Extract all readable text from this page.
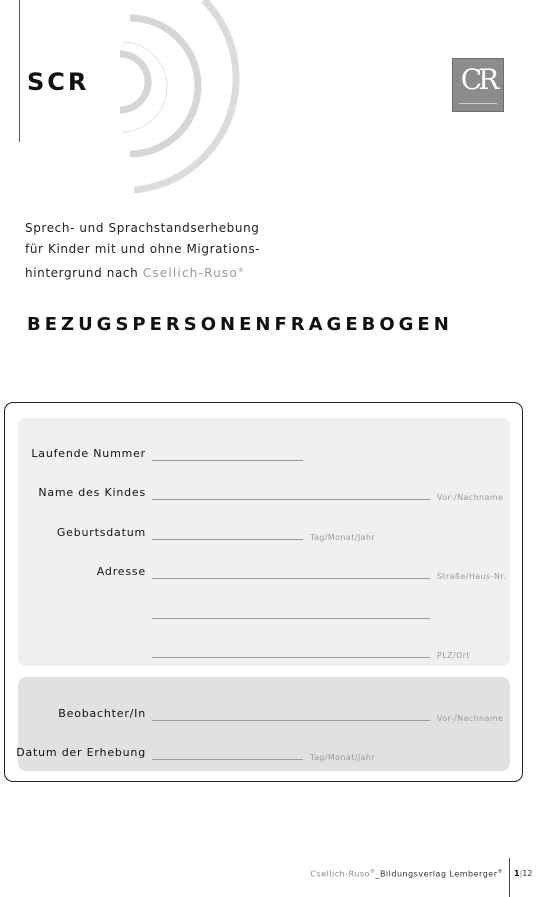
SCR	CR
Sprech- und Sprachstandserhebung
für Kinder mit und ohne Migrations-
hintergrund nach Csellich-Ruso®
BEZUGSPERSONENFRAGEBOGEN
Laufende Nummer
Name des Kindes	Vor-/Nachname
Geburtsdatum	Tag/Monat/Jahr
Adresse	Straße/Haus-Nr.
PLZ/Ort
Beobachter/In	Vor-/Nachname
Datum der Erhebung	Tag/Monat/Jahr
Csellich-Ruso®_Bildungsverlag Lemberger® 1|12
